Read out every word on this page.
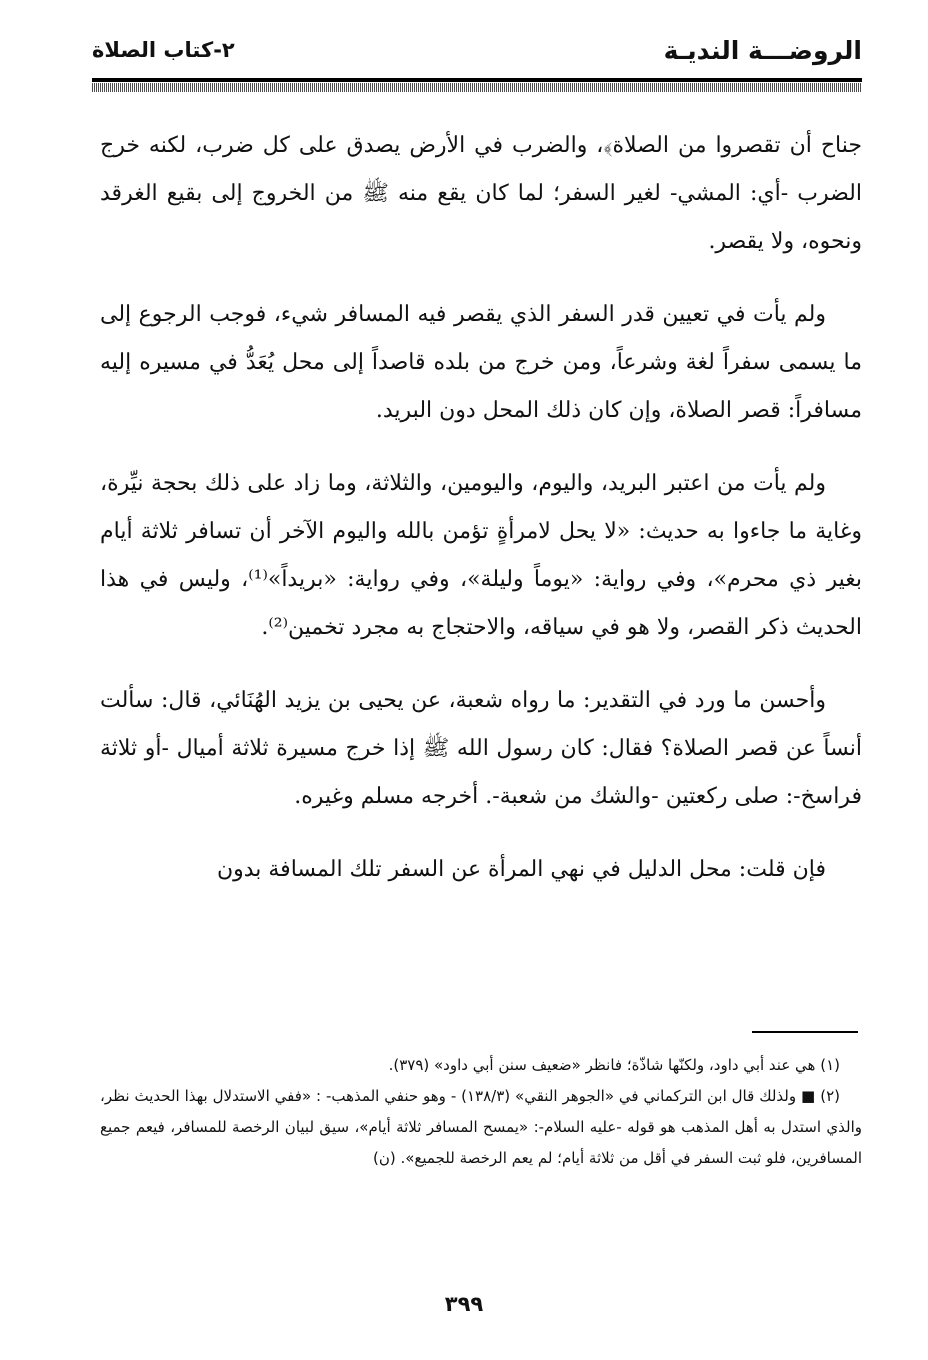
الروضـــة النديـة
٢-كتاب الصلاة

جناح أن تقصروا من الصلاة﴾، والضرب في الأرض يصدق على كل ضرب، لكنه خرج الضرب -أي: المشي- لغير السفر؛ لما كان يقع منه ﷺ من الخروج إلى بقيع الغرقد ونحوه، ولا يقصر.

ولم يأت في تعيين قدر السفر الذي يقصر فيه المسافر شيء، فوجب الرجوع إلى ما يسمى سفراً لغة وشرعاً، ومن خرج من بلده قاصداً إلى محل يُعَدُّ في مسيره إليه مسافراً: قصر الصلاة، وإن كان ذلك المحل دون البريد.

ولم يأت من اعتبر البريد، واليوم، واليومين، والثلاثة، وما زاد على ذلك بحجة نيِّرة، وغاية ما جاءوا به حديث: «لا يحل لامرأةٍ تؤمن بالله واليوم الآخر أن تسافر ثلاثة أيام بغير ذي محرم»، وفي رواية: «يوماً وليلة»، وفي رواية: «بريداً»⁽¹⁾، وليس في هذا الحديث ذكر القصر، ولا هو في سياقه، والاحتجاج به مجرد تخمين⁽²⁾.

وأحسن ما ورد في التقدير: ما رواه شعبة، عن يحيى بن يزيد الهُنَائي، قال: سألت أنساً عن قصر الصلاة؟ فقال: كان رسول الله ﷺ إذا خرج مسيرة ثلاثة أميال -أو ثلاثة فراسخ-: صلى ركعتين -والشك من شعبة-. أخرجه مسلم وغيره.

فإن قلت: محل الدليل في نهي المرأة عن السفر تلك المسافة بدون

(١) هي عند أبي داود، ولكنّها شاذّة؛ فانظر «ضعيف سنن أبي داود» (٣٧٩).

(٢) ■ ولذلك قال ابن التركماني في «الجوهر النقي» (١٣٨/٣) - وهو حنفي المذهب- : «ففي الاستدلال بهذا الحديث نظر، والذي استدل به أهل المذهب هو قوله -عليه السلام-: «يمسح المسافر ثلاثة أيام»، سيق لبيان الرخصة للمسافر، فيعم جميع المسافرين، فلو ثبت السفر في أقل من ثلاثة أيام؛ لم يعم الرخصة للجميع». (ن)

٣٩٩
